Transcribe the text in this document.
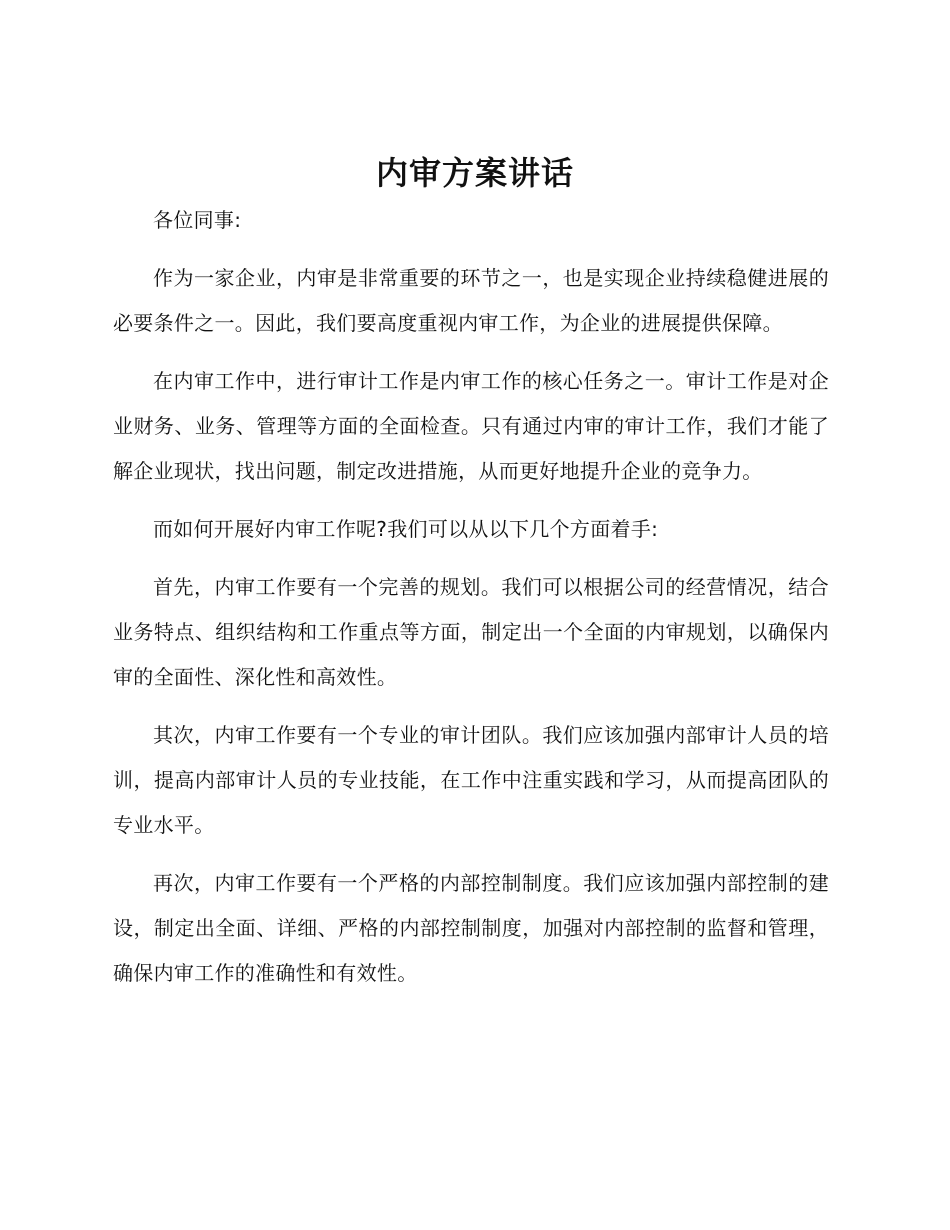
内审方案讲话

各位同事:

作为一家企业，内审是非常重要的环节之一，也是实现企业持续稳健进展的必要条件之一。因此，我们要高度重视内审工作，为企业的进展提供保障。

在内审工作中，进行审计工作是内审工作的核心任务之一。审计工作是对企业财务、业务、管理等方面的全面检查。只有通过内审的审计工作，我们才能了解企业现状，找出问题，制定改进措施，从而更好地提升企业的竞争力。

而如何开展好内审工作呢?我们可以从以下几个方面着手:

首先，内审工作要有一个完善的规划。我们可以根据公司的经营情况，结合业务特点、组织结构和工作重点等方面，制定出一个全面的内审规划，以确保内审的全面性、深化性和高效性。

其次，内审工作要有一个专业的审计团队。我们应该加强内部审计人员的培训，提高内部审计人员的专业技能，在工作中注重实践和学习，从而提高团队的专业水平。

再次，内审工作要有一个严格的内部控制制度。我们应该加强内部控制的建设，制定出全面、详细、严格的内部控制制度，加强对内部控制的监督和管理，确保内审工作的准确性和有效性。
